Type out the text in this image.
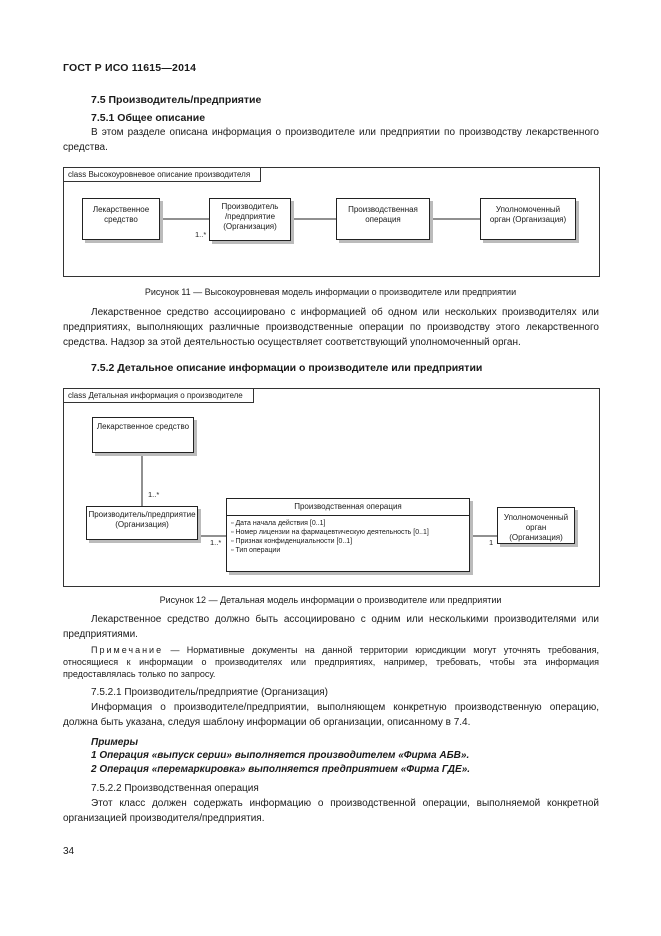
ГОСТ Р ИСО 11615—2014
7.5 Производитель/предприятие
7.5.1 Общее описание
В этом разделе описана информация о производителе или предприятии по производству лекарственного средства.
class Высокоуровневое описание производителя
Лекарственное средство
Производитель
/предприятие
(Организация)
1..*
Производственная операция
Уполномоченный
орган (Организация)
Рисунок 11 — Высокоуровневая модель информации о производителе или предприятии
Лекарственное средство ассоциировано с информацией об одном или нескольких производителях или предприятиях, выполняющих различные производственные операции по производству этого лекарственного средства. Надзор за этой деятельностью осуществляет соответствующий уполномоченный орган.
7.5.2 Детальное описание информации о производителе или предприятии
class Детальная информация о производителе
Лекарственное средство
1..*
Производитель/предприятие
(Организация)
1..*
Производственная операция
▫ Дата начала действия [0..1]
▫ Номер лицензии на фармацевтическую деятельность [0..1]
▫ Признак конфиденциальности [0..1]
▫ Тип операции
1
Уполномоченный
орган (Организация)
Рисунок 12 — Детальная модель информации о производителе или предприятии
Лекарственное средство должно быть ассоциировано с одним или несколькими производителями или предприятиями.
Примечание — Нормативные документы на данной территории юрисдикции могут уточнять требования, относящиеся к информации о производителях или предприятиях, например, требовать, чтобы эта информация предоставлялась только по запросу.
7.5.2.1 Производитель/предприятие (Организация)
Информация о производителе/предприятии, выполняющем конкретную производственную операцию, должна быть указана, следуя шаблону информации об организации, описанному в 7.4.
Примеры
1 Операция «выпуск серии» выполняется производителем «Фирма АБВ».
2 Операция «перемаркировка» выполняется предприятием «Фирма ГДЕ».
7.5.2.2 Производственная операция
Этот класс должен содержать информацию о производственной операции, выполняемой конкретной организацией производителя/предприятия.
34
